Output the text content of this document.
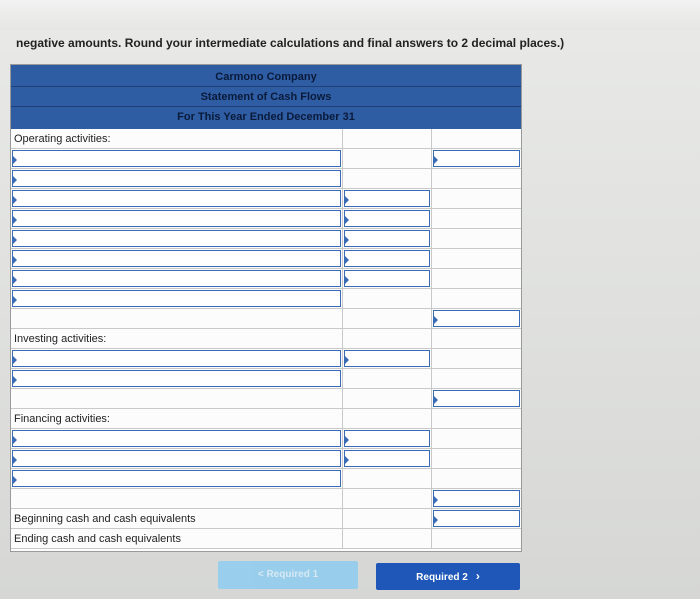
negative amounts. Round your intermediate calculations and final answers to 2 decimal places.)
Carmono Company
Statement of Cash Flows
For This Year Ended December 31
Operating activities:
Investing activities:
Financing activities:
Beginning cash and cash equivalents
Ending cash and cash equivalents
< Required 1	Required 2 ›
